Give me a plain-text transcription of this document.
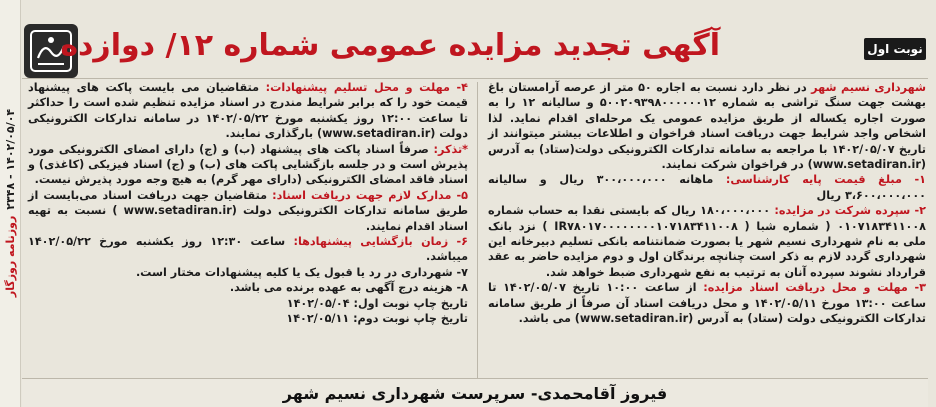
۱۴۰۲/۰۵/۰۴ - ۲۳۴۸
روزنامه روزگار
آگهی تجدید مزایده عمومی شماره ۱۲/ دوازده	نوبت اول

شهرداری نسیم شهر در نظر دارد نسبت به اجاره ۵۰ متر از عرصه آرامستان باغ بهشت جهت سنگ تراشی به شماره ۵۰۰۲۰۹۳۹۸۰۰۰۰۰۰۱۲ و سالیانه ۱۲ را به صورت اجاره یکساله از طریق مزایده عمومی یک مرحله‌ای اقدام نماید. لذا اشخاص واجد شرایط جهت دریافت اسناد فراخوان و اطلاعات بیشتر میتوانند از تاریخ ۱۴۰۲/۰۵/۰۷ با مراجعه به سامانه تدارکات الکترونیکی دولت(ستاد) به آدرس (www.setadiran.ir) در فراخوان شرکت نمایند.

۱- مبلغ قیمت پایه کارشناسی: ماهانه ۳۰۰،۰۰۰،۰۰۰ ریال و سالیانه ۳،۶۰۰،۰۰۰،۰۰۰ ریال

۲- سپرده شرکت در مزایده: ۱۸۰،۰۰۰،۰۰۰ ریال که بایستی نقدا به حساب شماره ۰۱۰۷۱۸۳۴۱۱۰۰۸ ( شماره شبا ( IR۷۸۰۱۷۰۰۰۰۰۰۰۰۱۰۷۱۸۳۴۱۱۰۰۸ ) نزد بانک ملی به نام شهرداری نسیم شهر یا بصورت ضمانتنامه بانکی تسلیم دبیرخانه این شهرداری گردد لازم به ذکر است چنانچه برندگان اول و دوم مزایده حاضر به عقد قرارداد نشوند سپرده آنان به ترتیب به نفع شهرداری ضبط خواهد شد.

۳- مهلت و محل دریافت اسناد مزایده: از ساعت ۱۰:۰۰ تاریخ ۱۴۰۲/۰۵/۰۷ تا ساعت ۱۳:۰۰ مورخ ۱۴۰۲/۰۵/۱۱ و محل دریافت اسناد آن صرفاً از طریق سامانه تدارکات الکترونیکی دولت (ستاد) به آدرس (www.setadiran.ir) می باشد.

۴- مهلت و محل تسلیم پیشنهادات: متقاضیان می بایست پاکت های پیشنهاد قیمت خود را که برابر شرایط مندرج در اسناد مزایده تنظیم شده است را حداکثر تا ساعت ۱۲:۰۰ روز یکشنبه مورخ ۱۴۰۲/۰۵/۲۲ در سامانه تدارکات الکترونیکی دولت (www.setadiran.ir) بارگذاری نمایند.

*تذکر: صرفاً اسناد پاکت های پیشنهاد (ب) و (ج) دارای امضای الکترونیکی مورد پذیرش است و در جلسه بازگشایی پاکت های (ب) و (ج) اسناد فیزیکی (کاغذی) و اسناد فاقد امضای الکترونیکی (دارای مهر گرم) به هیچ وجه مورد پذیرش نیست.

۵- مدارک لازم جهت دریافت اسناد: متقاضیان جهت دریافت اسناد می‌بایست از طریق سامانه تدارکات الکترونیکی دولت (www.setadiran.ir ) نسبت به تهیه اسناد اقدام نمایند.

۶- زمان بازگشایی پیشنهادها: ساعت ۱۲:۳۰ روز یکشنبه مورخ ۱۴۰۲/۰۵/۲۲ میباشد.

۷- شهرداری در رد یا قبول یک یا کلیه پیشنهادات مختار است.

۸- هزینه درج آگهی به عهده برنده می باشد.

تاریخ چاپ نوبت اول: ۱۴۰۲/۰۵/۰۴

تاریخ چاپ نوبت دوم: ۱۴۰۲/۰۵/۱۱

فیروز آقامحمدی- سرپرست شهرداری نسیم شهر
